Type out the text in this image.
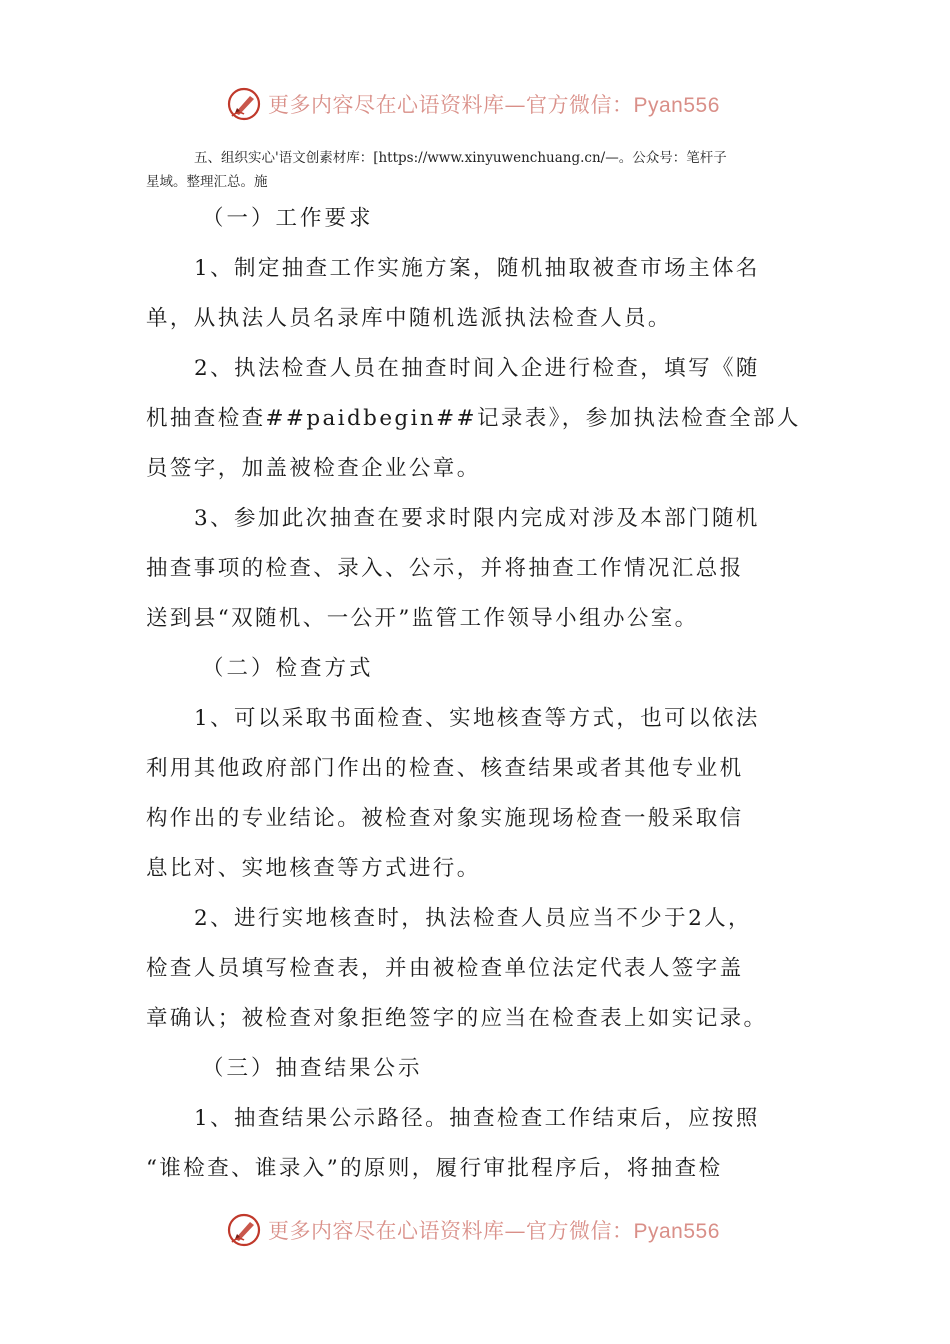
更多内容尽在心语资料库—官方微信：Pyan556
五、组织实心'语文创素材库：[https://www.xinyuwenchuang.cn/—。公众号：笔杆子
星域。整理汇总。施
（一）工作要求
1、制定抽查工作实施方案，随机抽取被查市场主体名
单，从执法人员名录库中随机选派执法检查人员。
2、执法检查人员在抽查时间入企进行检查，填写《随
机抽查检查##paidbegin##记录表》，参加执法检查全部人
员签字，加盖被检查企业公章。
3、参加此次抽查在要求时限内完成对涉及本部门随机
抽查事项的检查、录入、公示，并将抽查工作情况汇总报
送到县“双随机、一公开”监管工作领导小组办公室。
（二）检查方式
1、可以采取书面检查、实地核查等方式，也可以依法
利用其他政府部门作出的检查、核查结果或者其他专业机
构作出的专业结论。被检查对象实施现场检查一般采取信
息比对、实地核查等方式进行。
2、进行实地核查时，执法检查人员应当不少于2人，
检查人员填写检查表，并由被检查单位法定代表人签字盖
章确认；被检查对象拒绝签字的应当在检查表上如实记录。
（三）抽查结果公示
1、抽查结果公示路径。抽查检查工作结束后，应按照
“谁检查、谁录入”的原则，履行审批程序后，将抽查检
更多内容尽在心语资料库—官方微信：Pyan556
